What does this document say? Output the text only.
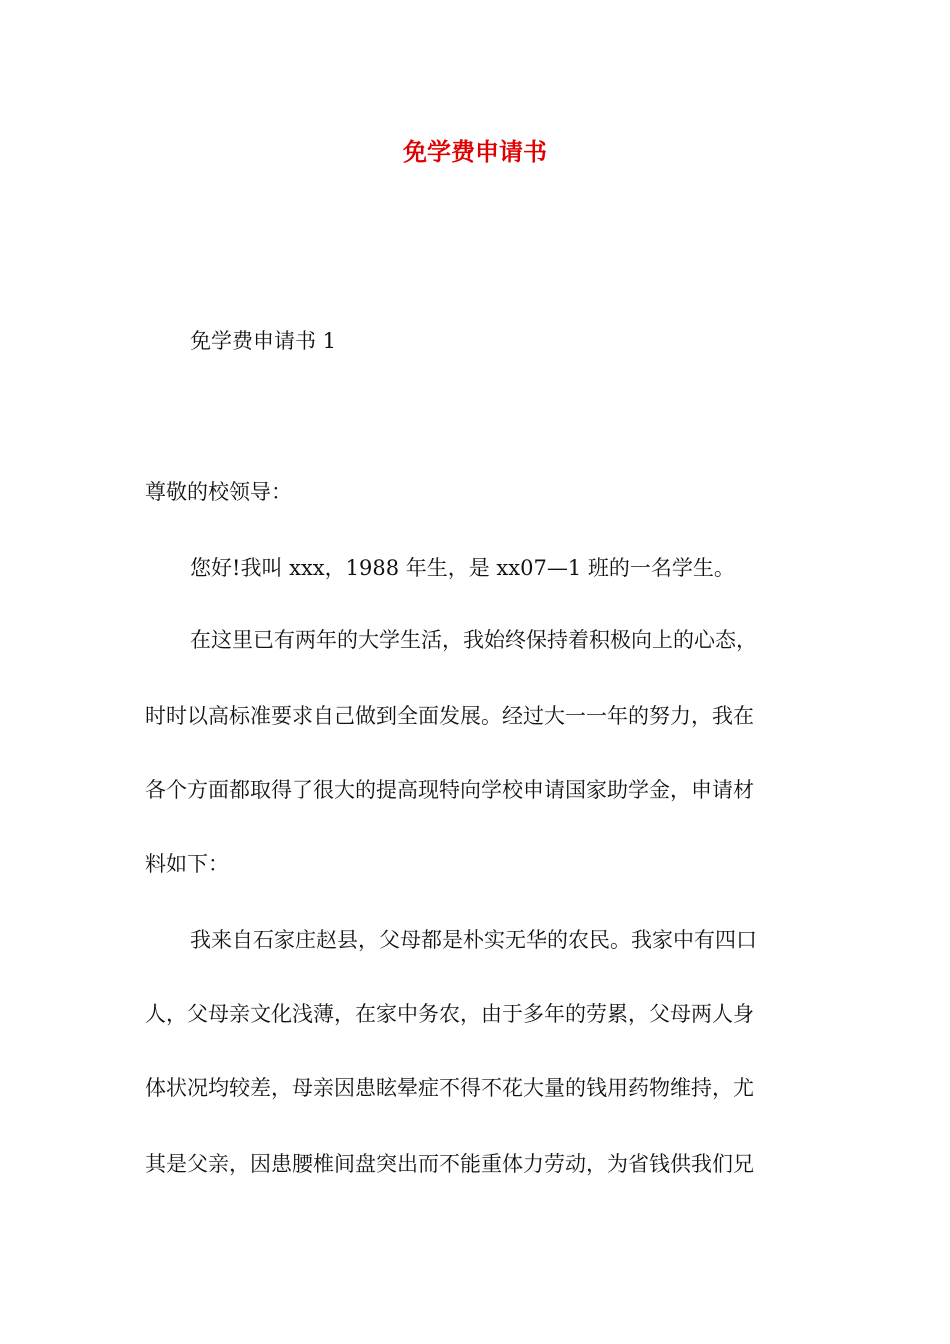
免学费申请书

免学费申请书 1

尊敬的校领导：

您好!我叫 xxx，1988 年生，是 xx07—1 班的一名学生。

在这里已有两年的大学生活，我始终保持着积极向上的心态，

时时以高标准要求自己做到全面发展。经过大一一年的努力，我在

各个方面都取得了很大的提高现特向学校申请国家助学金，申请材

料如下：

我来自石家庄赵县，父母都是朴实无华的农民。我家中有四口

人，父母亲文化浅薄，在家中务农，由于多年的劳累，父母两人身

体状况均较差，母亲因患眩晕症不得不花大量的钱用药物维持，尤

其是父亲，因患腰椎间盘突出而不能重体力劳动，为省钱供我们兄
